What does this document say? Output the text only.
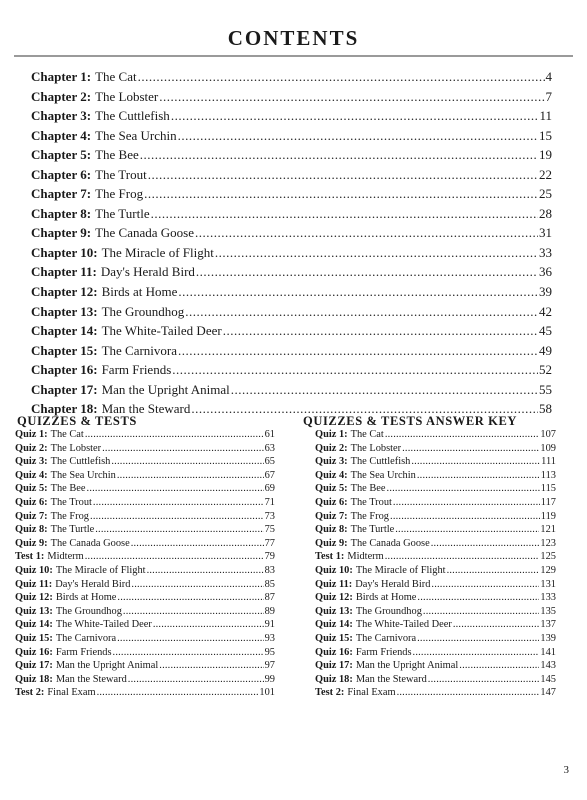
CONTENTS
Chapter 1: The Cat .....	4
Chapter 2: The Lobster .....	7
Chapter 3: The Cuttlefish .....	11
Chapter 4: The Sea Urchin .....	15
Chapter 5: The Bee .....	19
Chapter 6: The Trout .....	22
Chapter 7: The Frog .....	25
Chapter 8: The Turtle .....	28
Chapter 9: The Canada Goose .....	31
Chapter 10: The Miracle of Flight .....	33
Chapter 11: Day's Herald Bird .....	36
Chapter 12: Birds at Home .....	39
Chapter 13: The Groundhog .....	42
Chapter 14: The White-Tailed Deer .....	45
Chapter 15: The Carnivora .....	49
Chapter 16: Farm Friends .....	52
Chapter 17: Man the Upright Animal .....	55
Chapter 18: Man the Steward .....	58
QUIZZES & TESTS
Quiz 1: The Cat .....	61
Quiz 2: The Lobster .....	63
Quiz 3: The Cuttlefish .....	65
Quiz 4: The Sea Urchin .....	67
Quiz 5: The Bee .....	69
Quiz 6: The Trout .....	71
Quiz 7: The Frog .....	73
Quiz 8: The Turtle .....	75
Quiz 9: The Canada Goose .....	77
Test 1: Midterm .....	79
Quiz 10: The Miracle of Flight .....	83
Quiz 11: Day's Herald Bird .....	85
Quiz 12: Birds at Home .....	87
Quiz 13: The Groundhog .....	89
Quiz 14: The White-Tailed Deer .....	91
Quiz 15: The Carnivora .....	93
Quiz 16: Farm Friends .....	95
Quiz 17: Man the Upright Animal .....	97
Quiz 18: Man the Steward .....	99
Test 2: Final Exam .....	101
QUIZZES & TESTS ANSWER KEY
Quiz 1: The Cat .....	107
Quiz 2: The Lobster .....	109
Quiz 3: The Cuttlefish .....	111
Quiz 4: The Sea Urchin .....	113
Quiz 5: The Bee .....	115
Quiz 6: The Trout .....	117
Quiz 7: The Frog .....	119
Quiz 8: The Turtle .....	121
Quiz 9: The Canada Goose .....	123
Test 1: Midterm .....	125
Quiz 10: The Miracle of Flight .....	129
Quiz 11: Day's Herald Bird .....	131
Quiz 12: Birds at Home .....	133
Quiz 13: The Groundhog .....	135
Quiz 14: The White-Tailed Deer .....	137
Quiz 15: The Carnivora .....	139
Quiz 16: Farm Friends .....	141
Quiz 17: Man the Upright Animal .....	143
Quiz 18: Man the Steward .....	145
Test 2: Final Exam .....	147
3
